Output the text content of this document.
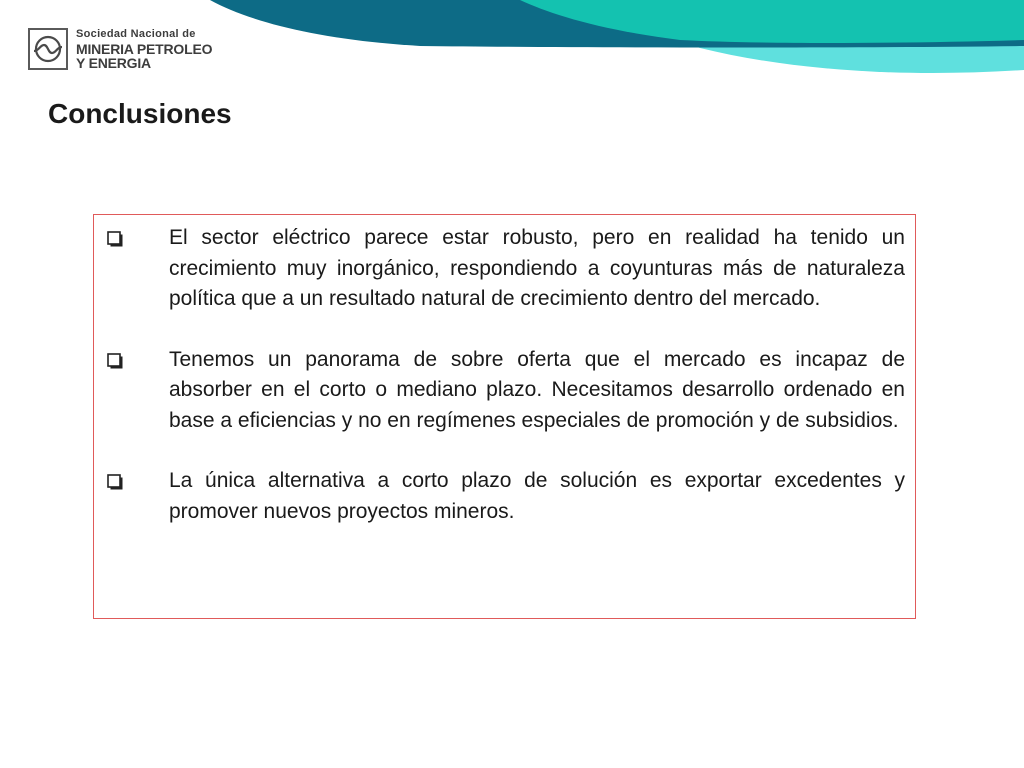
Sociedad Nacional de
MINERIA PETROLEO
Y ENERGIA
Conclusiones
El sector eléctrico parece estar robusto, pero en realidad ha tenido un crecimiento muy inorgánico, respondiendo a coyunturas más de naturaleza política que a un resultado natural de crecimiento dentro del mercado.
Tenemos un panorama de sobre oferta que el mercado es incapaz de absorber en el corto o mediano plazo. Necesitamos desarrollo ordenado en base a eficiencias y no en regímenes especiales de promoción y de subsidios.
La única alternativa a corto plazo de solución es exportar excedentes y promover nuevos proyectos mineros.
